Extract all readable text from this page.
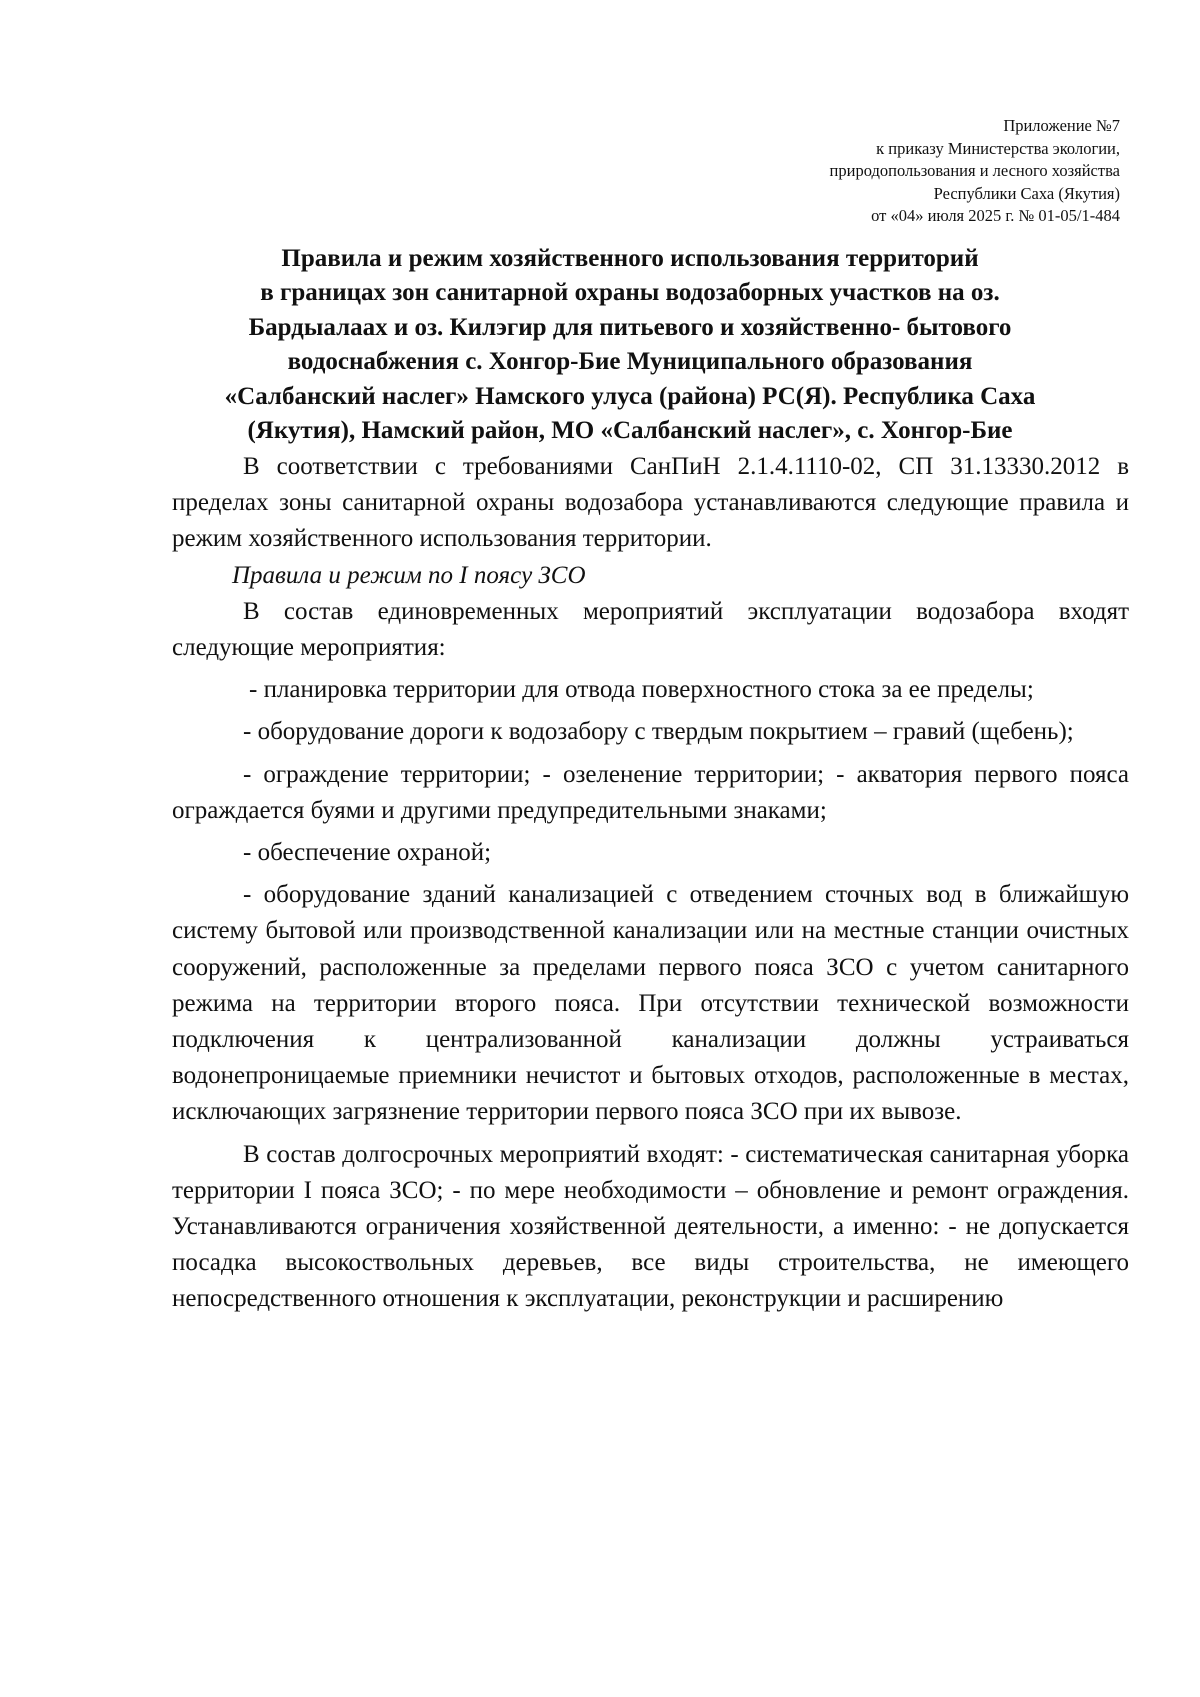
Приложение №7
к приказу Министерства экологии,
природопользования и лесного хозяйства
Республики Саха (Якутия)
от «04» июля 2025 г. № 01-05/1-484
Правила и режим хозяйственного использования территорий
в границах зон санитарной охраны водозаборных участков на оз.
Бардыалаах и оз. Килэгир для питьевого и хозяйственно- бытового
водоснабжения с. Хонгор-Бие Муниципального образования
«Салбанский наслег» Намского улуса (района) РС(Я). Республика Саха
(Якутия), Намский район, МО «Салбанский наслег», с. Хонгор-Бие

В соответствии с требованиями СанПиН 2.1.4.1110-02, СП 31.13330.2012 в пределах зоны санитарной охраны водозабора устанавливаются следующие правила и режим хозяйственного использования территории.

Правила и режим по I поясу ЗСО

В состав единовременных мероприятий эксплуатации водозабора входят следующие мероприятия:

- планировка территории для отвода поверхностного стока за ее пределы;

- оборудование дороги к водозабору с твердым покрытием – гравий (щебень);

- ограждение территории; - озеленение территории; - акватория первого пояса ограждается буями и другими предупредительными знаками;

- обеспечение охраной;

- оборудование зданий канализацией с отведением сточных вод в ближайшую систему бытовой или производственной канализации или на местные станции очистных сооружений, расположенные за пределами первого пояса ЗСО с учетом санитарного режима на территории второго пояса. При отсутствии технической возможности подключения к централизованной канализации должны устраиваться водонепроницаемые приемники нечистот и бытовых отходов, расположенные в местах, исключающих загрязнение территории первого пояса ЗСО при их вывозе.

В состав долгосрочных мероприятий входят: - систематическая санитарная уборка территории I пояса ЗСО; - по мере необходимости – обновление и ремонт ограждения. Устанавливаются ограничения хозяйственной деятельности, а именно: - не допускается посадка высокоствольных деревьев, все виды строительства, не имеющего непосредственного отношения к эксплуатации, реконструкции и расширению
